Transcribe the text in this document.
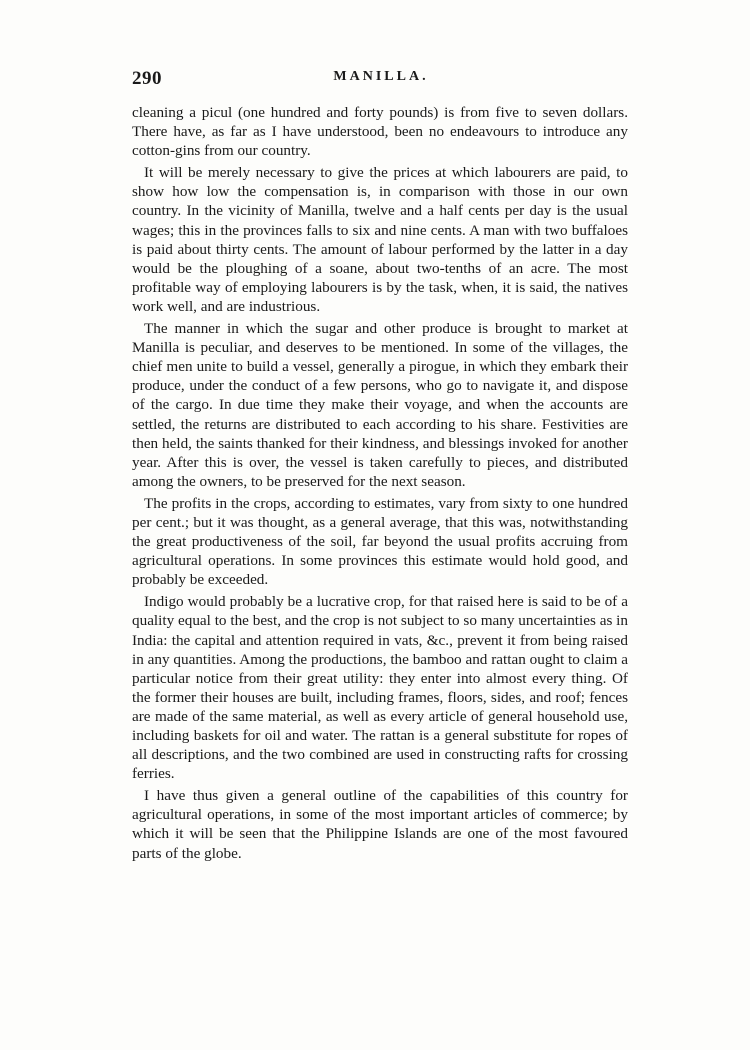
290	MANILLA.

cleaning a picul (one hundred and forty pounds) is from five to seven dollars. There have, as far as I have understood, been no endeavours to introduce any cotton-gins from our country.

It will be merely necessary to give the prices at which labourers are paid, to show how low the compensation is, in comparison with those in our own country. In the vicinity of Manilla, twelve and a half cents per day is the usual wages; this in the provinces falls to six and nine cents. A man with two buffaloes is paid about thirty cents. The amount of labour performed by the latter in a day would be the ploughing of a soane, about two-tenths of an acre. The most profitable way of employing labourers is by the task, when, it is said, the natives work well, and are industrious.

The manner in which the sugar and other produce is brought to market at Manilla is peculiar, and deserves to be mentioned. In some of the villages, the chief men unite to build a vessel, generally a pirogue, in which they embark their produce, under the conduct of a few persons, who go to navigate it, and dispose of the cargo. In due time they make their voyage, and when the accounts are settled, the returns are distributed to each according to his share. Festivities are then held, the saints thanked for their kindness, and blessings invoked for another year. After this is over, the vessel is taken carefully to pieces, and distributed among the owners, to be preserved for the next season.

The profits in the crops, according to estimates, vary from sixty to one hundred per cent.; but it was thought, as a general average, that this was, notwithstanding the great productiveness of the soil, far beyond the usual profits accruing from agricultural operations. In some provinces this estimate would hold good, and probably be exceeded.

Indigo would probably be a lucrative crop, for that raised here is said to be of a quality equal to the best, and the crop is not subject to so many uncertainties as in India: the capital and attention required in vats, &c., prevent it from being raised in any quantities. Among the productions, the bamboo and rattan ought to claim a particular notice from their great utility: they enter into almost every thing. Of the former their houses are built, including frames, floors, sides, and roof; fences are made of the same material, as well as every article of general household use, including baskets for oil and water. The rattan is a general substitute for ropes of all descriptions, and the two combined are used in constructing rafts for crossing ferries.

I have thus given a general outline of the capabilities of this country for agricultural operations, in some of the most important articles of commerce; by which it will be seen that the Philippine Islands are one of the most favoured parts of the globe.
